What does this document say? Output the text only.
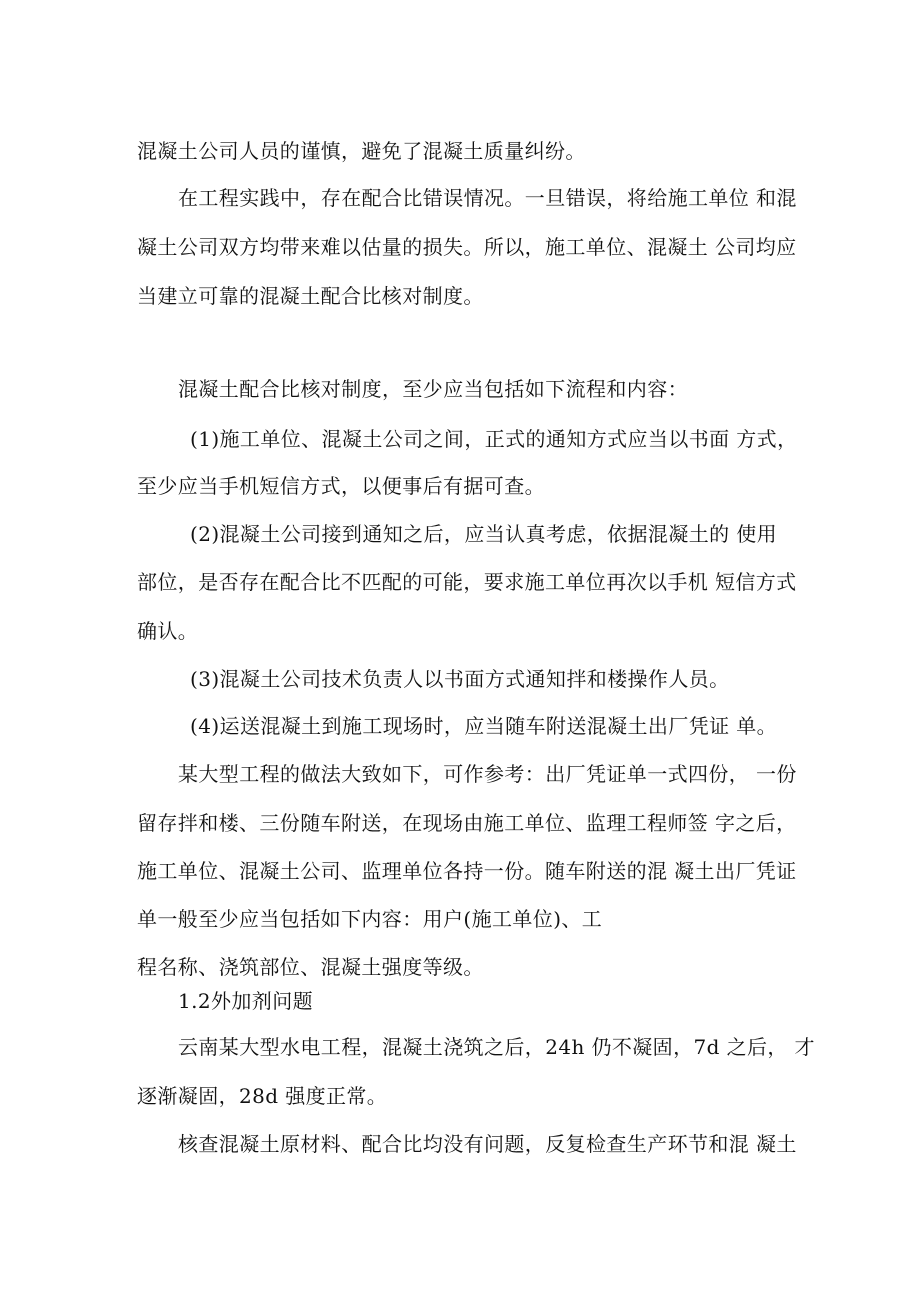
混凝土公司人员的谨慎，避免了混凝土质量纠纷。
在工程实践中，存在配合比错误情况。一旦错误，将给施工单位 和混
凝土公司双方均带来难以估量的损失。所以，施工单位、混凝土 公司均应
当建立可靠的混凝土配合比核对制度。
混凝土配合比核对制度，至少应当包括如下流程和内容：
(1)施工单位、混凝土公司之间，正式的通知方式应当以书面 方式，
至少应当手机短信方式，以便事后有据可查。
(2)混凝土公司接到通知之后，应当认真考虑，依据混凝土的 使用
部位，是否存在配合比不匹配的可能，要求施工单位再次以手机 短信方式
确认。
(3)混凝土公司技术负责人以书面方式通知拌和楼操作人员。
(4)运送混凝土到施工现场时，应当随车附送混凝土出厂凭证 单。
某大型工程的做法大致如下，可作参考：出厂凭证单一式四份， 一份
留存拌和楼、三份随车附送，在现场由施工单位、监理工程师签 字之后，
施工单位、混凝土公司、监理单位各持一份。随车附送的混 凝土出厂凭证
单一般至少应当包括如下内容：用户(施工单位)、工
程名称、浇筑部位、混凝土强度等级。
1.2外加剂问题
云南某大型水电工程，混凝土浇筑之后，24h 仍不凝固，7d 之后， 才
逐渐凝固，28d 强度正常。
核查混凝土原材料、配合比均没有问题，反复检查生产环节和混 凝土
